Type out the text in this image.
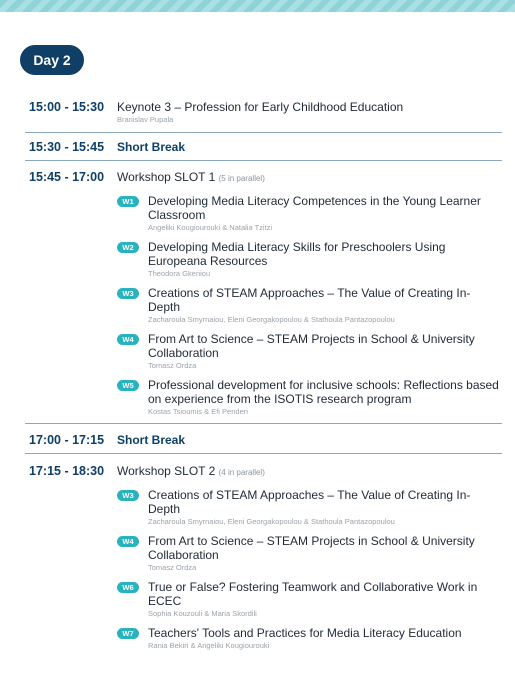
Day 2
15:00 - 15:30	Keynote 3 – Profession for Early Childhood Education
Branislav Pupala
15:30 - 15:45	Short Break
15:45 - 17:00	Workshop SLOT 1 (5 in parallel)
W1	Developing Media Literacy Competences in the Young Learner Classroom
Angeliki Kougiourouki & Natalia Tzitzi
W2	Developing Media Literacy Skills for Preschoolers Using Europeana Resources
Theodora Gkeniou
W3	Creations of STEAM Approaches – The Value of Creating In-Depth
Zacharoula Smyrnaiou, Eleni Georgakopoulou & Stathoula Pantazopoulou
W4	From Art to Science – STEAM Projects in School & University Collaboration
Tomasz Ordza
W5	Professional development for inclusive schools: Reflections based on experience from the ISOTIS research program
Kostas Tsioumis & Efi Penderi
17:00 - 17:15	Short Break
17:15 - 18:30	Workshop SLOT 2 (4 in parallel)
W3	Creations of STEAM Approaches – The Value of Creating In-Depth
Zacharoula Smyrnaiou, Eleni Georgakopoulou & Stathoula Pantazopoulou
W4	From Art to Science – STEAM Projects in School & University Collaboration
Tomasz Ordza
W6	True or False? Fostering Teamwork and Collaborative Work in ECEC
Sophia Kouzouli & Maria Skordili
W7	Teachers' Tools and Practices for Media Literacy Education
Rania Bekiri & Angeliki Kougiourouki
